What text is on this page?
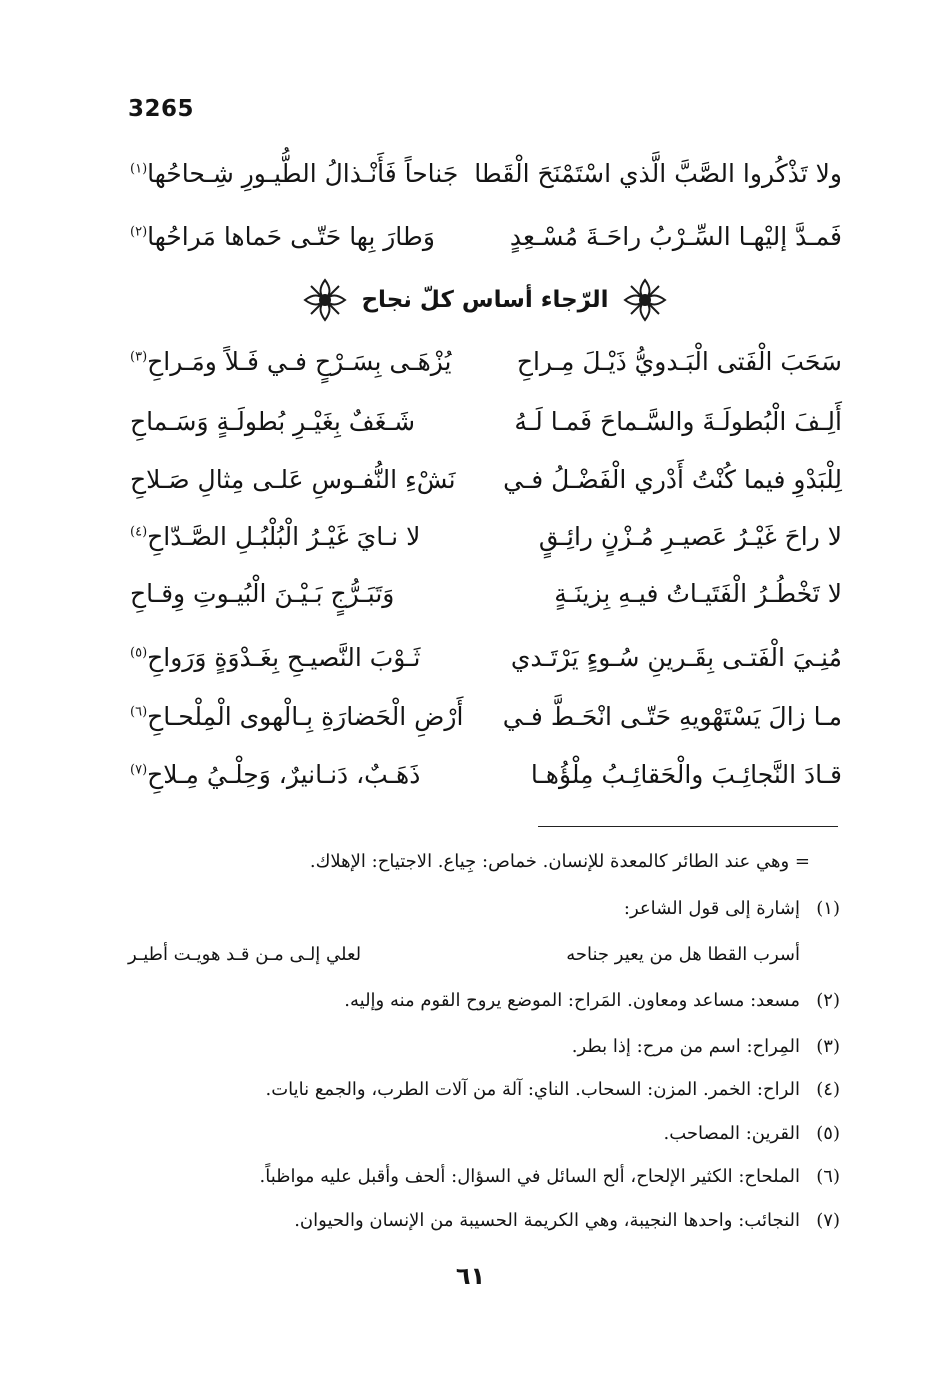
3265
ولا تَذْكُروا الصَّبَّ الَّذي اسْتَمْنَحَ الْقَطا
جَناحاً فَأَنْـذالُ الطُّيـورِ شِـحاحُها$^{(١)}$
فَمـدَّ إليْهـا السِّـرْبُ راحَـةَ مُسْـعِدٍ
وَطارَ بِها حَتّـى حَماها مَراحُها$^{(٢)}$
الرّجاء أساس كلّ نجاح
سَحَبَ الْفَتى الْبَـدويُّ ذَيْـلَ مِـراحِ
يُزْهَـى بِسَـرْحٍ فـي فَـلاً ومَـراحِ$^{(٣)}$
أَلِـفَ الْبُطولَـةَ والسَّـماحَ فَمـا لَـهُ
شَـغَفٌ بِغَيْـرِ بُطولَـةٍ وَسَـماحِ
لِلْبَدْوِ فيما كُنْتُ أَدْري الْفَضْـلُ فـي
نَشْءِ النُّفـوسِ عَلـى مِثالِ صَـلاحِ
لا راحَ غَيْـرُ عَصيـرِ مُـزْنٍ رائِـقٍ
لا نـايَ غَيْـرُ الْبُلْبُـلِ الصَّـدّاحِ$^{(٤)}$
لا تَخْطُـرُ الْفَتَيـاتُ فيـهِ بِزينَـةٍ
وَتَبَـرُّجٍ بَـيْـنَ الْبُيـوتِ وِقـاحِ
مُنِـيَ الْفَتـى بِقَـرينِ سُـوءٍ يَرْتَـدي
ثَـوْبَ النَّصيـحِ بِغَـدْوَةٍ وَرَواحِ$^{(٥)}$
مـا زالَ يَسْتَهْويهِ حَتّـى انْحَـطَّ فـي
أَرْضِ الْحَضارَةِ بِـالْهوى الْمِلْحـاحِ$^{(٦)}$
قـادَ النَّجائِـبَ والْحَقائِـبُ مِلْؤُهـا
ذَهَـبٌ، دَنـانيرٌ، وَحِلْـيُ مِـلاحِ$^{(٧)}$
= وهي عند الطائر كالمعدة للإنسان. خماص: جِياع. الاجتياح: الإهلاك.
(١)إشارة إلى قول الشاعر:
أسرب القطا هل من يعير جناحه
لعلي إلـى مـن قـد هويـت أطيـر
(٢)مسعد: مساعد ومعاون. المَراح: الموضع يروح القوم منه وإليه.
(٣)المِراح: اسم من مرح: إذا بطر.
(٤)الراح: الخمر. المزن: السحاب. الناي: آلة من آلات الطرب، والجمع نايات.
(٥)القرين: المصاحب.
(٦)الملحاح: الكثير الإلحاح، ألح السائل في السؤال: ألحف وأقبل عليه مواظباً.
(٧)النجائب: واحدها النجيبة، وهي الكريمة الحسيبة من الإنسان والحيوان.
٦١
